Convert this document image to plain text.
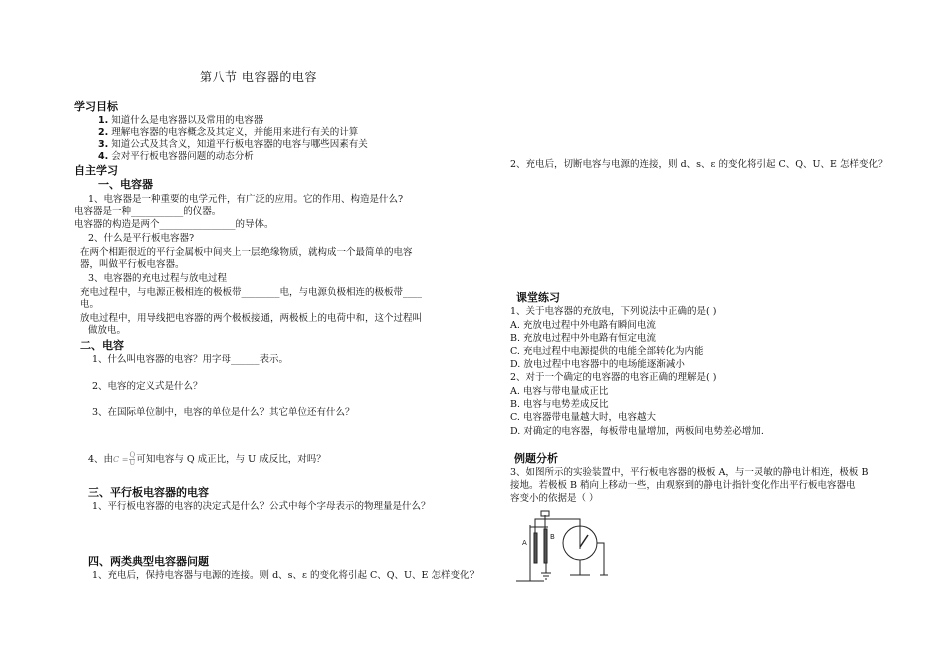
第八节 电容器的电容
学习目标
1. 知道什么是电容器以及常用的电容器
2. 理解电容器的电容概念及其定义，并能用来进行有关的计算
3. 知道公式及其含义，知道平行板电容器的电容与哪些因素有关
4. 会对平行板电容器问题的动态分析
自主学习
一、电容器
1、电容器是一种重要的电学元件，有广泛的应用。它的作用、构造是什么?
电容器是一种___________的仪器。
电容器的构造是两个________________的导体。
2、什么是平行板电容器?
在两个相距很近的平行金属板中间夹上一层绝缘物质，就构成一个最简单的电容
器，叫做平行板电容器。
3、电容器的充电过程与放电过程
充电过程中，与电源正极相连的极板带________电，与电源负极相连的极板带____
电。
放电过程中，用导线把电容器的两个极板接通，两极板上的电荷中和，这个过程叫
做放电。
二、电容
1、什么叫电容器的电容？用字母______表示。
2、电容的定义式是什么？
3、在国际单位制中，电容的单位是什么？其它单位还有什么？
4、由$C = \frac{Q}{U}$ 可知电容与 Q 成正比，与 U 成反比，对吗？
三、平行板电容器的电容
1、平行板电容器的电容的决定式是什么？公式中每个字母表示的物理量是什么？
四、两类典型电容器问题
1、充电后，保持电容器与电源的连接。则 d、s、ε 的变化将引起 C、Q、U、E 怎样变化？
2、充电后，切断电容与电源的连接，则 d、s、ε 的变化将引起 C、Q、U、E 怎样变化？
课堂练习
1、关于电容器的充放电，下列说法中正确的是( )
A. 充放电过程中外电路有瞬间电流
B. 充放电过程中外电路有恒定电流
C. 充电过程中电源提供的电能全部转化为内能
D. 放电过程中电容器中的电场能逐渐减小
2、对于一个确定的电容器的电容正确的理解是( )
A. 电容与带电量成正比
B. 电容与电势差成反比
C. 电容器带电量越大时，电容越大
D. 对确定的电容器，每板带电量增加，两板间电势差必增加.
例题分析
3、如图所示的实验装置中，平行板电容器的极板 A，与一灵敏的静电计相连，极板 B
接地。若极板 B 稍向上移动一些，由观察到的静电计指针变化作出平行板电容器电
容变小的依据是（ ）
A
B
